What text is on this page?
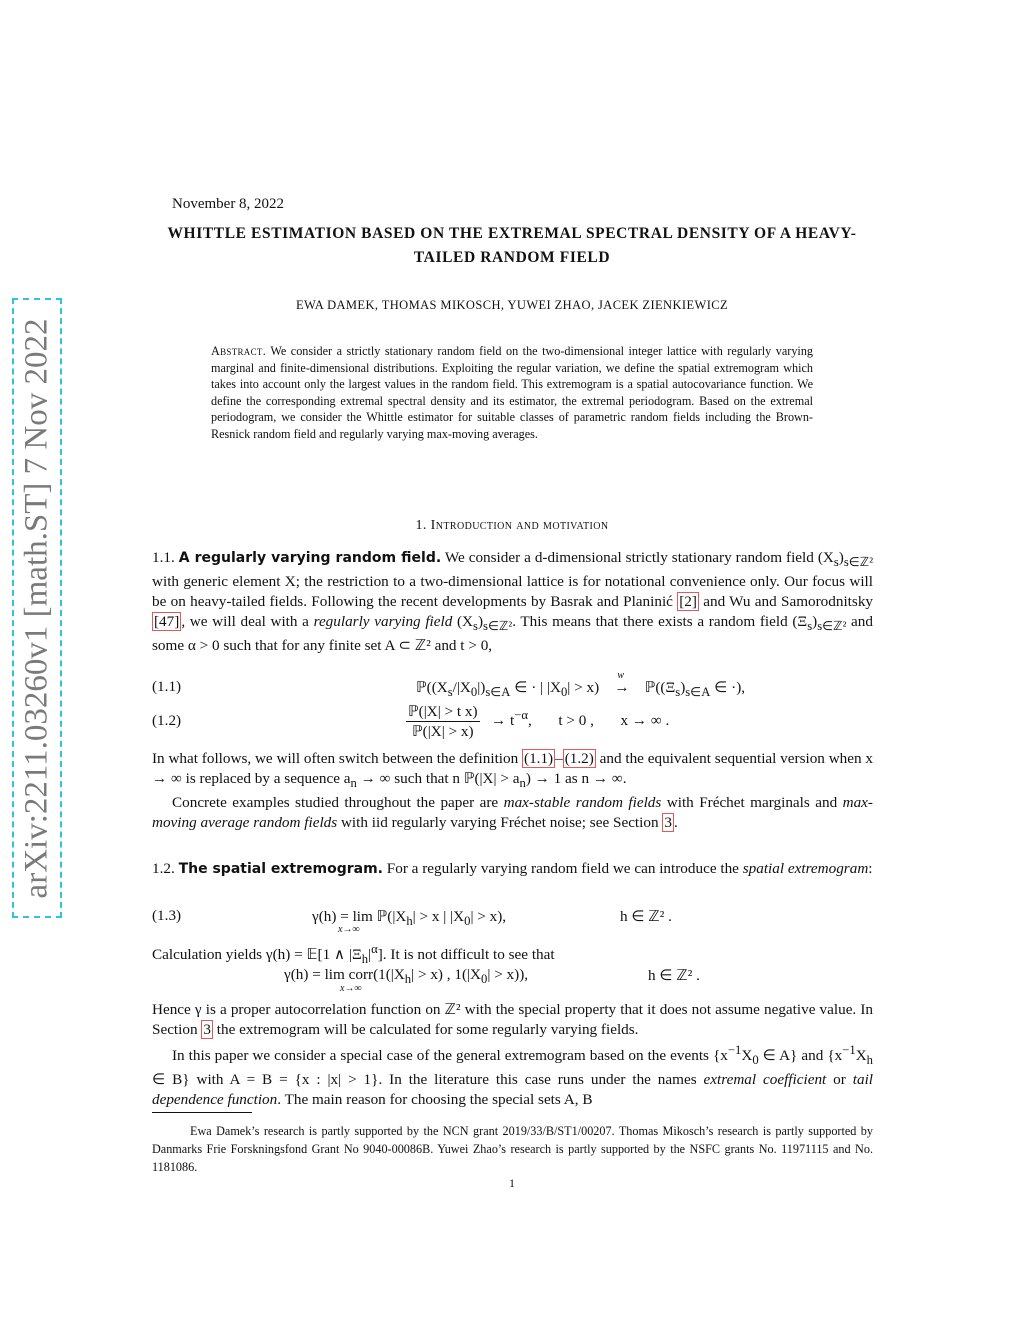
arXiv:2211.03260v1 [math.ST] 7 Nov 2022
November 8, 2022
WHITTLE ESTIMATION BASED ON THE EXTREMAL SPECTRAL DENSITY OF A HEAVY-TAILED RANDOM FIELD
EWA DAMEK, THOMAS MIKOSCH, YUWEI ZHAO, JACEK ZIENKIEWICZ
Abstract. We consider a strictly stationary random field on the two-dimensional integer lattice with regularly varying marginal and finite-dimensional distributions. Exploiting the regular variation, we define the spatial extremogram which takes into account only the largest values in the random field. This extremogram is a spatial autocovariance function. We define the corresponding extremal spectral density and its estimator, the extremal periodogram. Based on the extremal periodogram, we consider the Whittle estimator for suitable classes of parametric random fields including the Brown-Resnick random field and regularly varying max-moving averages.
1. Introduction and motivation

1.1. A regularly varying random field. We consider a d-dimensional strictly stationary random field $(X_s)_{s\in ℤ^2}$ with generic element X; the restriction to a two-dimensional lattice is for notational convenience only. Our focus will be on heavy-tailed fields. Following the recent developments by Basrak and Planinić [2] and Wu and Samorodnitsky [47] , we will deal with a regularly varying field $(X_s)_{s\in ℤ^2}$. This means that there exists a random field $(\Xi_s)_{s\in ℤ^2}$ and some α > 0 such that for any finite set A ⊂ ℤ² and t > 0,

(1.1)	$ℙ((X_s/|X_0|)_{s\in A}$ ∈ · | $|X_0| > x$) →
w
$ℙ((\Xi_s)_{s\in A}$ ∈ ·),
(1.2)	$\frac{\text{ℙ(|X| > t x)}}{\text{ℙ(|X| > x)}} \to t^{-\alpha}$,       t > 0 ,       x → ∞ .

In what follows, we will often switch between the definition (1.1) – (1.2) and the equivalent sequential version when x → ∞ is replaced by a sequence $a_n$ → ∞ such that n ℙ(|X| > $a_n) \to 1$ as n → ∞.

Concrete examples studied throughout the paper are max-stable random fields with Fréchet marginals and max-moving average random fields with iid regularly varying Fréchet noise; see Section 3 .

1.2. The spatial extremogram. For a regularly varying random field we can introduce the spatial extremogram:

(1.3)	$\gamma(h) = \lim ℙ(|X_h| > x$ | $|X_0| > x$),
x→∞
h ∈ ℤ² .

Calculation yields γ(h) = 𝔼[1 ∧ $|\Xi_h|^\alpha$]. It is not difficult to see that

$\gamma(h) = \lim corr(1(|X_h| > x)$ , $1(|X_0| > x)$),
x→∞
h ∈ ℤ² .

Hence γ is a proper autocorrelation function on ℤ² with the special property that it does not assume negative value. In Section 3 the extremogram will be calculated for some regularly varying fields.

In this paper we consider a special case of the general extremogram based on the events {$x^{-1}X_0$ ∈ A} and {$x^{-1}X_h$ ∈ B} with A = B = {x : |x| > 1}. In the literature this case runs under the names extremal coefficient or tail dependence function. The main reason for choosing the special sets A, B

Ewa Damek’s research is partly supported by the NCN grant 2019/33/B/ST1/00207. Thomas Mikosch’s research is partly supported by Danmarks Frie Forskningsfond Grant No 9040-00086B. Yuwei Zhao’s research is partly supported by the NSFC grants No. 11971115 and No. 1181086.
1
